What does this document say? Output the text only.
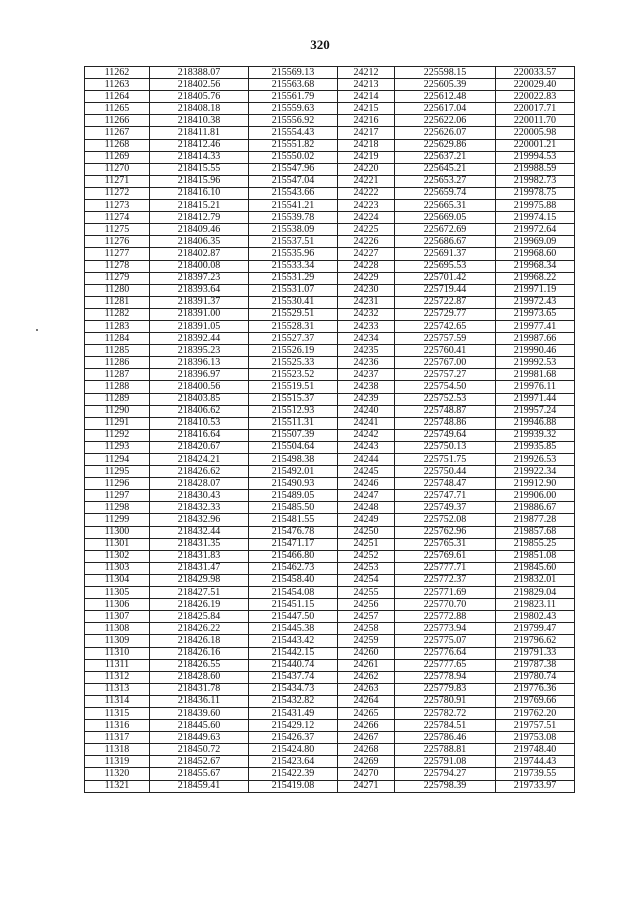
320
11262	218388.07	215569.13	24212	225598.15	220033.57
11263	218402.56	215563.68	24213	225605.39	220029.40
11264	218405.76	215561.79	24214	225612.48	220022.83
11265	218408.18	215559.63	24215	225617.04	220017.71
11266	218410.38	215556.92	24216	225622.06	220011.70
11267	218411.81	215554.43	24217	225626.07	220005.98
11268	218412.46	215551.82	24218	225629.86	220001.21
11269	218414.33	215550.02	24219	225637.21	219994.53
11270	218415.55	215547.96	24220	225645.21	219988.59
11271	218415.96	215547.04	24221	225653.27	219982.73
11272	218416.10	215543.66	24222	225659.74	219978.75
11273	218415.21	215541.21	24223	225665.31	219975.88
11274	218412.79	215539.78	24224	225669.05	219974.15
11275	218409.46	215538.09	24225	225672.69	219972.64
11276	218406.35	215537.51	24226	225686.67	219969.09
11277	218402.87	215535.96	24227	225691.37	219968.60
11278	218400.08	215533.34	24228	225695.53	219968.34
11279	218397.23	215531.29	24229	225701.42	219968.22
11280	218393.64	215531.07	24230	225719.44	219971.19
11281	218391.37	215530.41	24231	225722.87	219972.43
11282	218391.00	215529.51	24232	225729.77	219973.65
11283	218391.05	215528.31	24233	225742.65	219977.41
11284	218392.44	215527.37	24234	225757.59	219987.66
11285	218395.23	215526.19	24235	225760.41	219990.46
11286	218396.13	215525.33	24236	225767.00	219992.53
11287	218396.97	215523.52	24237	225757.27	219981.68
11288	218400.56	215519.51	24238	225754.50	219976.11
11289	218403.85	215515.37	24239	225752.53	219971.44
11290	218406.62	215512.93	24240	225748.87	219957.24
11291	218410.53	215511.31	24241	225748.86	219946.88
11292	218416.64	215507.39	24242	225749.64	219939.32
11293	218420.67	215504.64	24243	225750.13	219935.85
11294	218424.21	215498.38	24244	225751.75	219926.53
11295	218426.62	215492.01	24245	225750.44	219922.34
11296	218428.07	215490.93	24246	225748.47	219912.90
11297	218430.43	215489.05	24247	225747.71	219906.00
11298	218432.33	215485.50	24248	225749.37	219886.67
11299	218432.96	215481.55	24249	225752.08	219877.28
11300	218432.44	215476.78	24250	225762.96	219857.68
11301	218431.35	215471.17	24251	225765.31	219855.25
11302	218431.83	215466.80	24252	225769.61	219851.08
11303	218431.47	215462.73	24253	225777.71	219845.60
11304	218429.98	215458.40	24254	225772.37	219832.01
11305	218427.51	215454.08	24255	225771.69	219829.04
11306	218426.19	215451.15	24256	225770.70	219823.11
11307	218425.84	215447.50	24257	225772.88	219802.43
11308	218426.22	215445.38	24258	225773.94	219799.47
11309	218426.18	215443.42	24259	225775.07	219796.62
11310	218426.16	215442.15	24260	225776.64	219791.33
11311	218426.55	215440.74	24261	225777.65	219787.38
11312	218428.60	215437.74	24262	225778.94	219780.74
11313	218431.78	215434.73	24263	225779.83	219776.36
11314	218436.11	215432.82	24264	225780.91	219769.66
11315	218439.60	215431.49	24265	225782.72	219762.20
11316	218445.60	215429.12	24266	225784.51	219757.51
11317	218449.63	215426.37	24267	225786.46	219753.08
11318	218450.72	215424.80	24268	225788.81	219748.40
11319	218452.67	215423.64	24269	225791.08	219744.43
11320	218455.67	215422.39	24270	225794.27	219739.55
11321	218459.41	215419.08	24271	225798.39	219733.97
